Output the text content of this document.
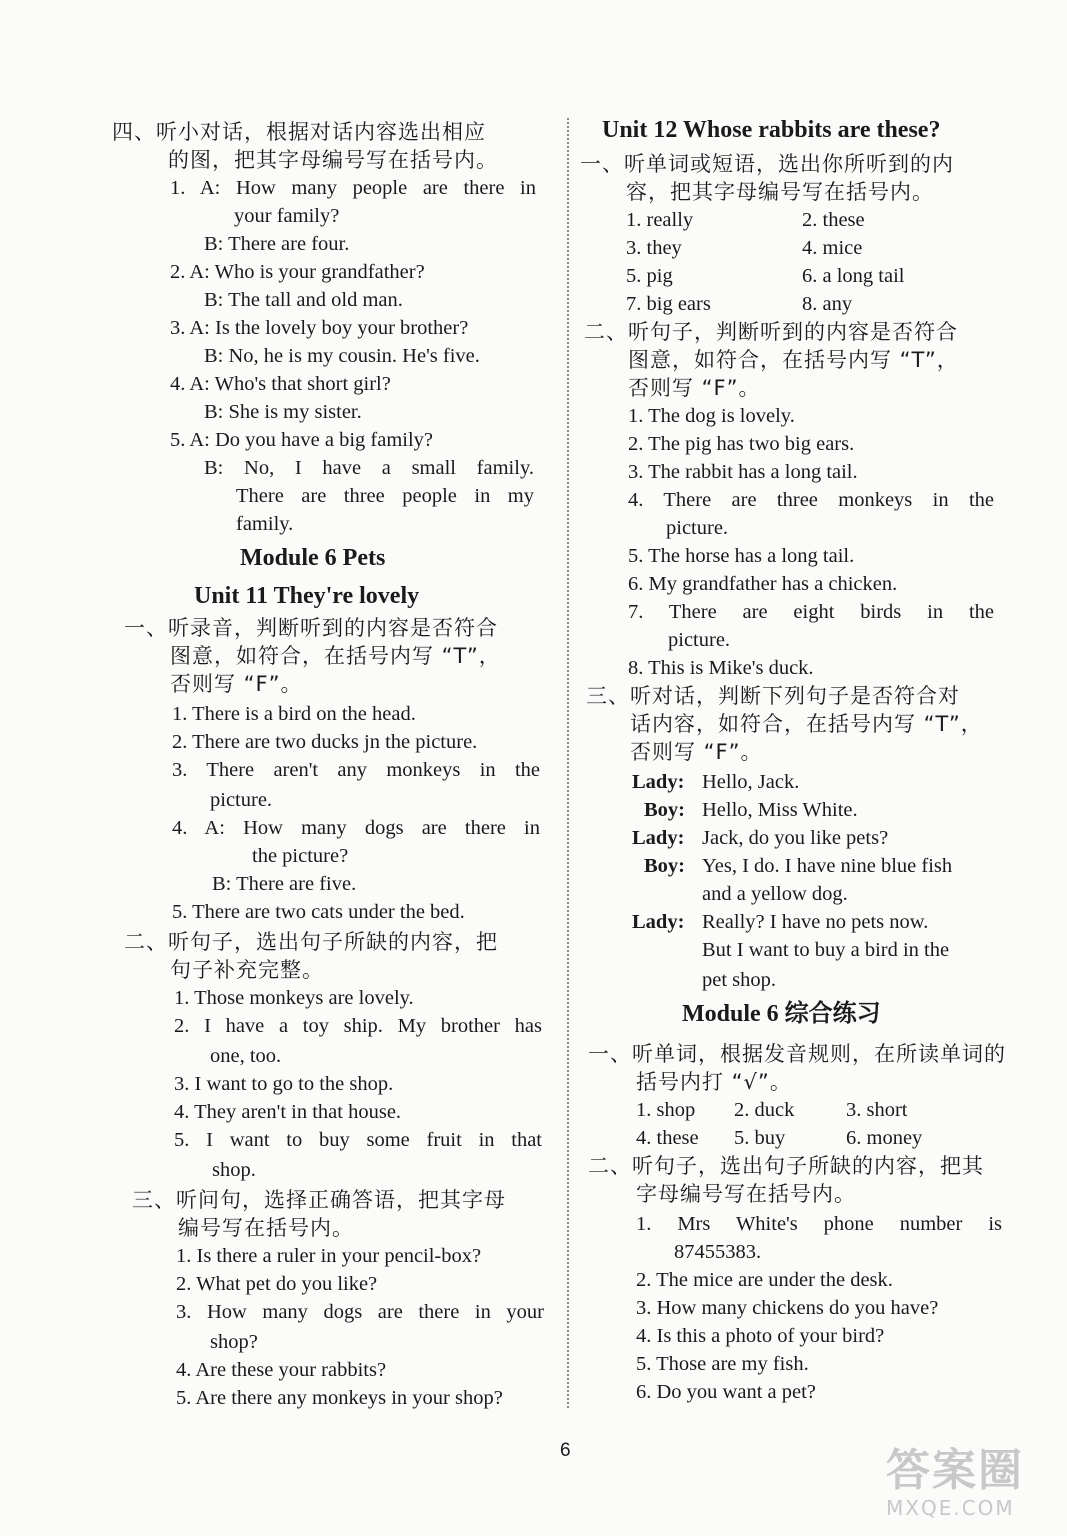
四、听小对话，根据对话内容选出相应
的图，把其字母编号写在括号内。
1. A: How many people are there in
your family?
B: There are four.
2. A: Who is your grandfather?
B: The tall and old man.
3. A: Is the lovely boy your brother?
B: No, he is my cousin. He's five.
4. A: Who's that short girl?
B: She is my sister.
5. A: Do you have a big family?
B: No, I have a small family.
There are three people in my
family.
Module 6 Pets
Unit 11 They're lovely
一、听录音，判断听到的内容是否符合
图意，如符合，在括号内写 “T”，
否则写 “F”。
1. There is a bird on the head.
2. There are two ducks jn the picture.
3. There aren't any monkeys in the
picture.
4. A: How many dogs are there in
the picture?
B: There are five.
5. There are two cats under the bed.
二、听句子，选出句子所缺的内容，把
句子补充完整。
1. Those monkeys are lovely.
2. I have a toy ship. My brother has
one, too.
3. I want to go to the shop.
4. They aren't in that house.
5. I want to buy some fruit in that
shop.
三、听问句，选择正确答语，把其字母
编号写在括号内。
1. Is there a ruler in your pencil-box?
2. What pet do you like?
3. How many dogs are there in your
shop?
4. Are these your rabbits?
5. Are there any monkeys in your shop?
Unit 12 Whose rabbits are these?
一、听单词或短语，选出你所听到的内
容，把其字母编号写在括号内。
1. really	2. these
3. they	4. mice
5. pig	6. a long tail
7. big ears	8. any
二、听句子，判断听到的内容是否符合
图意，如符合，在括号内写 “T”，
否则写 “F”。
1. The dog is lovely.
2. The pig has two big ears.
3. The rabbit has a long tail.
4. There are three monkeys in the
picture.
5. The horse has a long tail.
6. My grandfather has a chicken.
7. There are eight birds in the
picture.
8. This is Mike's duck.
三、听对话，判断下列句子是否符合对
话内容，如符合，在括号内写 “T”，
否则写 “F”。
Lady: Hello, Jack.
Boy: Hello, Miss White.
Lady: Jack, do you like pets?
Boy: Yes, I do. I have nine blue fish
and a yellow dog.
Lady: Really? I have no pets now.
But I want to buy a bird in the
pet shop.
Module 6 综合练习
一、听单词，根据发音规则，在所读单词的
括号内打 “√”。
1. shop 2. duck	3. short
4. these 5. buy	6. money
二、听句子，选出句子所缺的内容，把其
字母编号写在括号内。
1. Mrs White's phone number is
87455383.
2. The mice are under the desk.
3. How many chickens do you have?
4. Is this a photo of your bird?
5. Those are my fish.
6. Do you want a pet?
6	答案圈
MXQE.COM
